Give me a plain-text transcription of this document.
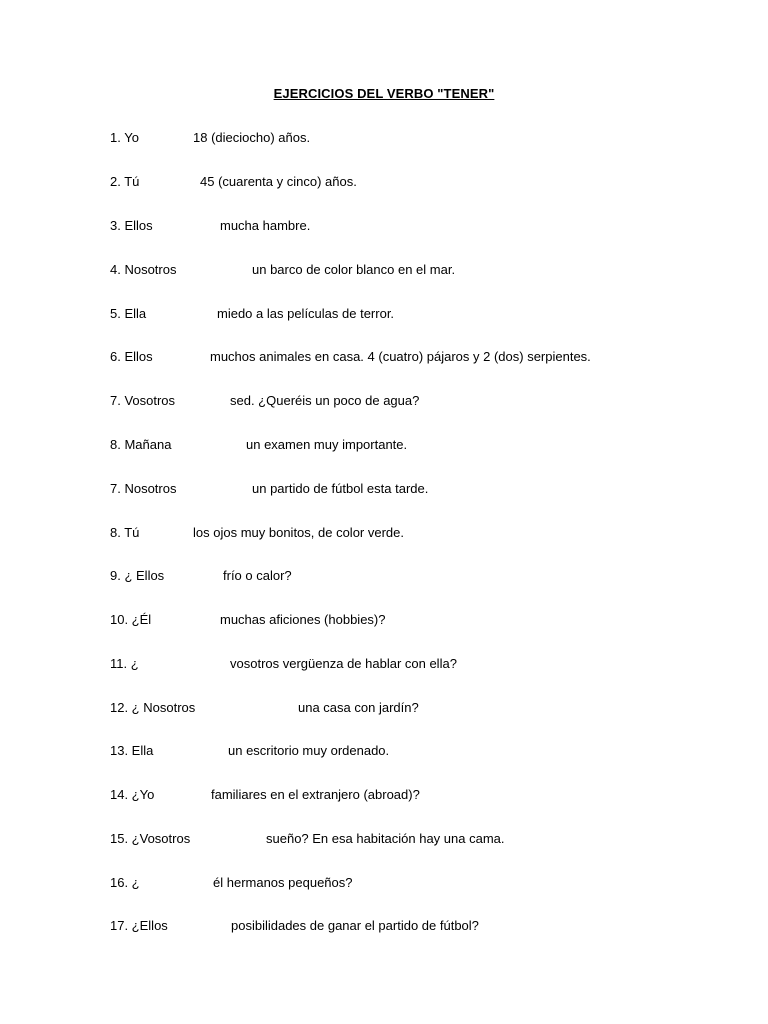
EJERCICIOS DEL VERBO "TENER"
1. Yo	18 (dieciocho) años.
2. Tú	45 (cuarenta y cinco) años.
3. Ellos	mucha hambre.
4. Nosotros	un barco de color blanco en el mar.
5. Ella	miedo a las películas de terror.
6. Ellos	muchos animales en casa. 4 (cuatro) pájaros y 2 (dos) serpientes.
7. Vosotros	sed. ¿Queréis un poco de agua?
8. Mañana	un examen muy importante.
7. Nosotros	un partido de fútbol esta tarde.
8. Tú	los ojos muy bonitos, de color verde.
9. ¿ Ellos	frío o calor?
10. ¿Él	muchas aficiones (hobbies)?
11. ¿	vosotros vergüenza de hablar con ella?
12. ¿ Nosotros	una casa con jardín?
13. Ella	un escritorio muy ordenado.
14. ¿Yo	familiares en el extranjero (abroad)?
15. ¿Vosotros	sueño? En esa habitación hay una cama.
16. ¿	él hermanos pequeños?
17. ¿Ellos	posibilidades de ganar el partido de fútbol?
